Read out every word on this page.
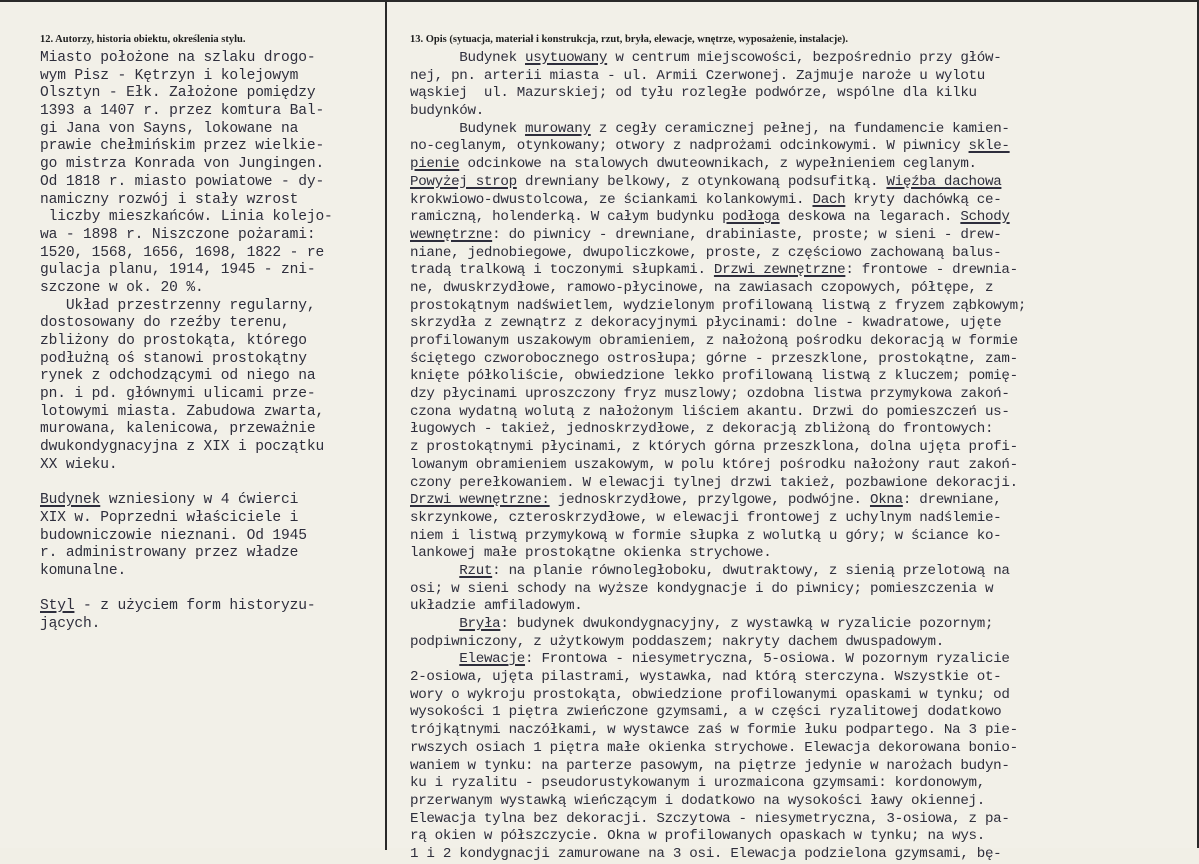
12. Autorzy, historia obiektu, określenia stylu.
Miasto położone na szlaku drogo-
wym Pisz - Kętrzyn i kolejowym
Olsztyn - Ełk. Założone pomiędzy
1393 a 1407 r. przez komtura Bal-
gi Jana von Sayns, lokowane na
prawie chełmińskim przez wielkie-
go mistrza Konrada von Jungingen.
Od 1818 r. miasto powiatowe - dy-
namiczny rozwój i stały wzrost
liczby mieszkańców. Linia kolejo-
wa - 1898 r. Niszczone pożarami:
1520, 1568, 1656, 1698, 1822 - re
gulacja planu, 1914, 1945 - zni-
szczone w ok. 20 %.
Układ przestrzenny regularny,
dostosowany do rzeźby terenu,
zbliżony do prostokąta, którego
podłużną oś stanowi prostokątny
rynek z odchodzącymi od niego na
pn. i pd. głównymi ulicami prze-
lotowymi miasta. Zabudowa zwarta,
murowana, kalenicowa, przeważnie
dwukondygnacyjna z XIX i początku
XX wieku.
Budynek wzniesiony w 4 ćwierci
XIX w. Poprzedni właściciele i
budowniczowie nieznani. Od 1945
r. administrowany przez władze
komunalne.
Styl - z użyciem form historyzu-
jących.
13. Opis (sytuacja, materiał i konstrukcja, rzut, bryła, elewacje, wnętrze, wyposażenie, instalacje).
Budynek usytuowany w centrum miejscowości, bezpośrednio przy głów-
nej, pn. arterii miasta - ul. Armii Czerwonej. Zajmuje naroże u wylotu
wąskiej  ul. Mazurskiej; od tyłu rozległe podwórze, wspólne dla kilku
budynków.
Budynek murowany z cegły ceramicznej pełnej, na fundamencie kamien-
no-ceglanym, otynkowany; otwory z nadprożami odcinkowymi. W piwnicy skle-
pienie odcinkowe na stalowych dwuteownikach, z wypełnieniem ceglanym.
Powyżej strop drewniany belkowy, z otynkowaną podsufitką. Więźba dachowa
krokwiowo-dwustolcowa, ze ściankami kolankowymi. Dach kryty dachówką ce-
ramiczną, holenderką. W całym budynku podłoga deskowa na legarach. Schody
wewnętrzne: do piwnicy - drewniane, drabiniaste, proste; w sieni - drew-
niane, jednobiegowe, dwupoliczkowe, proste, z częściowo zachowaną balus-
tradą tralkową i toczonymi słupkami. Drzwi zewnętrzne: frontowe - drewnia-
ne, dwuskrzydłowe, ramowo-płycinowe, na zawiasach czopowych, półtępe, z
prostokątnym nadświetlem, wydzielonym profilowaną listwą z fryzem ząbkowym;
skrzydła z zewnątrz z dekoracyjnymi płycinami: dolne - kwadratowe, ujęte
profilowanym uszakowym obramieniem, z nałożoną pośrodku dekoracją w formie
ściętego czworobocznego ostrosłupa; górne - przeszklone, prostokątne, zam-
knięte półkoliście, obwiedzione lekko profilowaną listwą z kluczem; pomię-
dzy płycinami uproszczony fryz muszlowy; ozdobna listwa przymykowa zakoń-
czona wydatną wolutą z nałożonym liściem akantu. Drzwi do pomieszczeń us-
ługowych - takież, jednoskrzydłowe, z dekoracją zbliżoną do frontowych:
z prostokątnymi płycinami, z których górna przeszklona, dolna ujęta profi-
lowanym obramieniem uszakowym, w polu której pośrodku nałożony raut zakoń-
czony perełkowaniem. W elewacji tylnej drzwi takież, pozbawione dekoracji.
Drzwi wewnętrzne: jednoskrzydłowe, przylgowe, podwójne. Okna: drewniane,
skrzynkowe, czteroskrzydłowe, w elewacji frontowej z uchylnym nadślemie-
niem i listwą przymykową w formie słupka z wolutką u góry; w ściance ko-
lankowej małe prostokątne okienka strychowe.
Rzut: na planie równoległoboku, dwutraktowy, z sienią przelotową na
osi; w sieni schody na wyższe kondygnacje i do piwnicy; pomieszczenia w
układzie amfiladowym.
Bryła: budynek dwukondygnacyjny, z wystawką w ryzalicie pozornym;
podpiwniczony, z użytkowym poddaszem; nakryty dachem dwuspadowym.
Elewacje: Frontowa - niesymetryczna, 5-osiowa. W pozornym ryzalicie
2-osiowa, ujęta pilastrami, wystawka, nad którą sterczyna. Wszystkie ot-
wory o wykroju prostokąta, obwiedzione profilowanymi opaskami w tynku; od
wysokości 1 piętra zwieńczone gzymsami, a w części ryzalitowej dodatkowo
trójkątnymi naczółkami, w wystawce zaś w formie łuku podpartego. Na 3 pie-
rwszych osiach 1 piętra małe okienka strychowe. Elewacja dekorowana bonio-
waniem w tynku: na parterze pasowym, na piętrze jedynie w narożach budyn-
ku i ryzalitu - pseudorustykowanym i urozmaicona gzymsami: kordonowym,
przerwanym wystawką wieńczącym i dodatkowo na wysokości ławy okiennej.
Elewacja tylna bez dekoracji. Szczytowa - niesymetryczna, 3-osiowa, z pa-
rą okien w półszczycie. Okna w profilowanych opaskach w tynku; na wys.
1 i 2 kondygnacji zamurowane na 3 osi. Elewacja podzielona gzymsami, bę-
